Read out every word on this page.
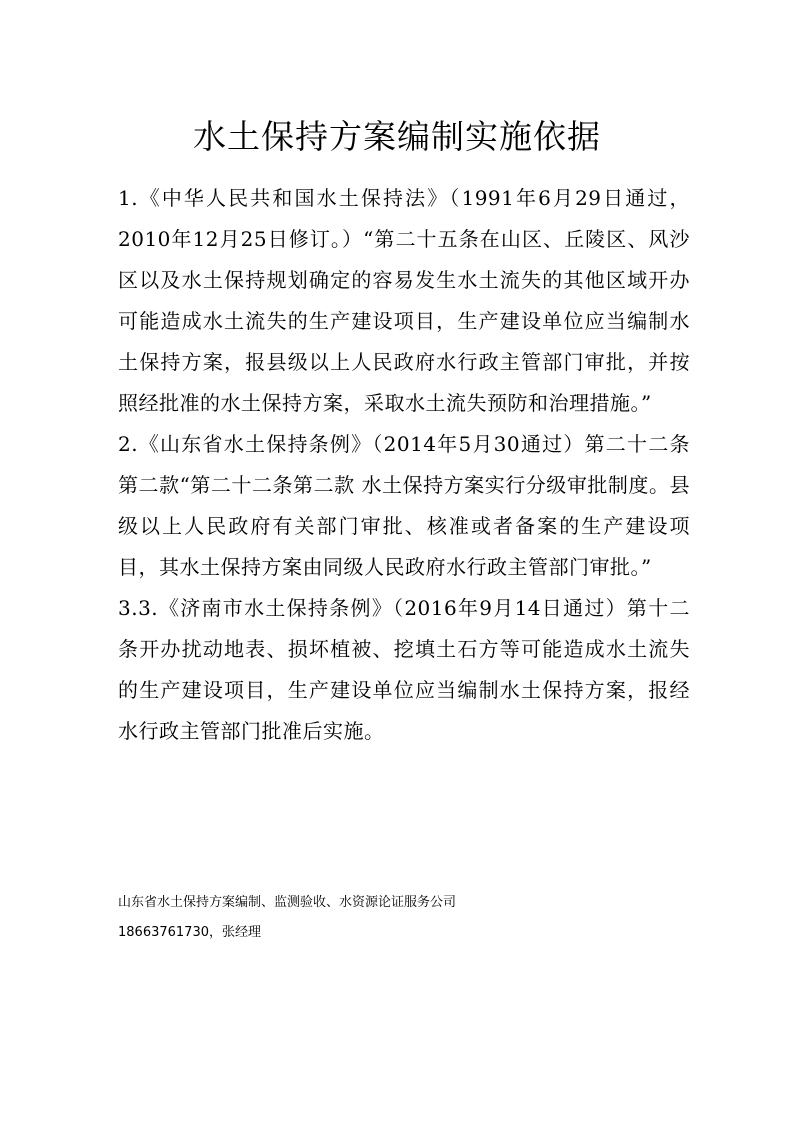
水土保持方案编制实施依据

1.《中华人民共和国水土保持法》（1991年6月29日通过，2010年12月25日修订。）“第二十五条在山区、丘陵区、风沙区以及水土保持规划确定的容易发生水土流失的其他区域开办可能造成水土流失的生产建设项目，生产建设单位应当编制水土保持方案，报县级以上人民政府水行政主管部门审批，并按照经批准的水土保持方案，采取水土流失预防和治理措施。”

2.《山东省水土保持条例》（2014年5月30通过）第二十二条第二款“第二十二条第二款 水土保持方案实行分级审批制度。县级以上人民政府有关部门审批、核准或者备案的生产建设项目，其水土保持方案由同级人民政府水行政主管部门审批。”

3.3.《济南市水土保持条例》（2016年9月14日通过）第十二条开办扰动地表、损坏植被、挖填土石方等可能造成水土流失的生产建设项目，生产建设单位应当编制水土保持方案，报经水行政主管部门批准后实施。

山东省水土保持方案编制、监测验收、水资源论证服务公司
18663761730，张经理
